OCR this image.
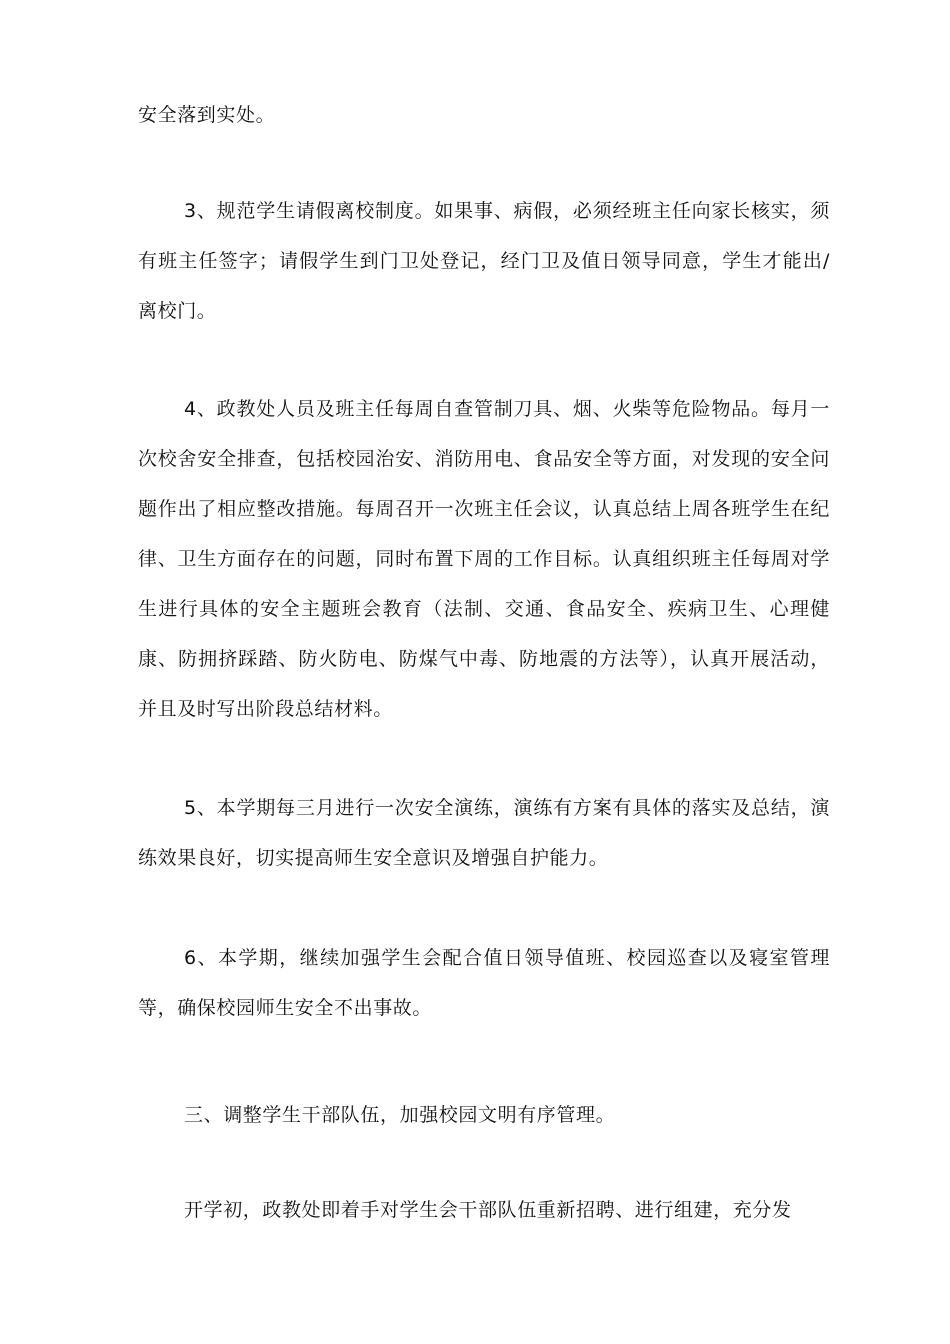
安全落到实处。

3、规范学生请假离校制度。如果事、病假，必须经班主任向家长核实，须有班主任签字；请假学生到门卫处登记，经门卫及值日领导同意，学生才能出/离校门。

4、政教处人员及班主任每周自查管制刀具、烟、火柴等危险物品。每月一次校舍安全排查，包括校园治安、消防用电、食品安全等方面，对发现的安全问题作出了相应整改措施。每周召开一次班主任会议，认真总结上周各班学生在纪律、卫生方面存在的问题，同时布置下周的工作目标。认真组织班主任每周对学生进行具体的安全主题班会教育（法制、交通、食品安全、疾病卫生、心理健康、防拥挤踩踏、防火防电、防煤气中毒、防地震的方法等），认真开展活动，并且及时写出阶段总结材料。

5、本学期每三月进行一次安全演练，演练有方案有具体的落实及总结，演练效果良好，切实提高师生安全意识及增强自护能力。

6、本学期，继续加强学生会配合值日领导值班、校园巡查以及寝室管理等，确保校园师生安全不出事故。

三、调整学生干部队伍，加强校园文明有序管理。

开学初，政教处即着手对学生会干部队伍重新招聘、进行组建，充分发
